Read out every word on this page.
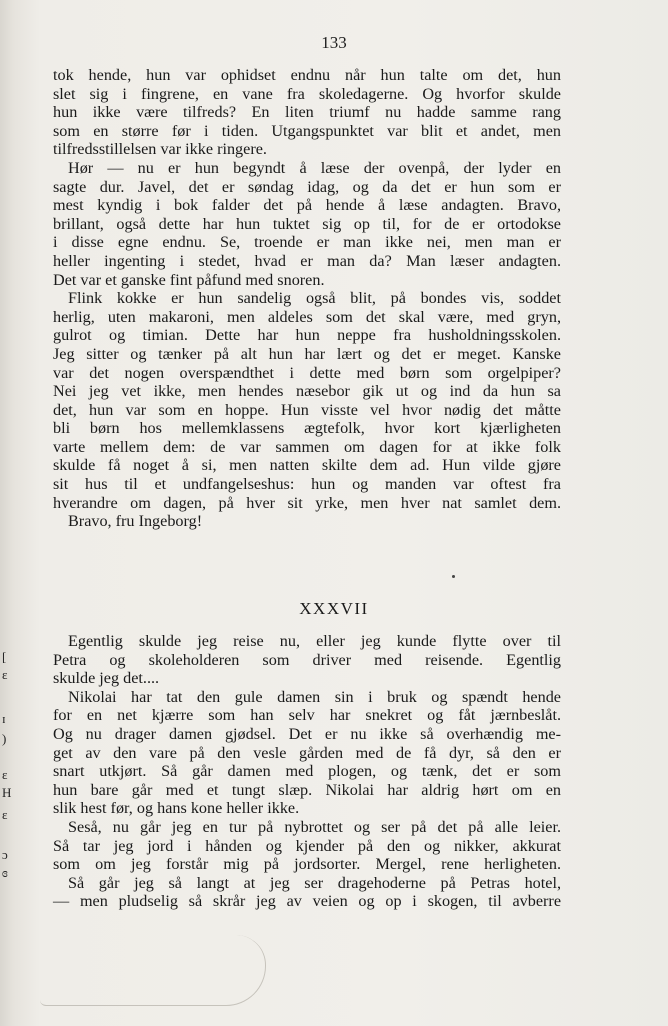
[
ɛ
ɪ
)
ɛ
H
ɛ
ɔ
ɞ

133

tok hende, hun var ophidset endnu når hun talte om det, hun
slet sig i fingrene, en vane fra skoledagerne. Og hvorfor skulde
hun ikke være tilfreds? En liten triumf nu hadde samme rang
som en større før i tiden. Utgangspunktet var blit et andet, men
tilfredsstillelsen var ikke ringere.
Hør — nu er hun begyndt å læse der ovenpå, der lyder en
sagte dur. Javel, det er søndag idag, og da det er hun som er
mest kyndig i bok falder det på hende å læse andagten. Bravo,
brillant, også dette har hun tuktet sig op til, for de er ortodokse
i disse egne endnu. Se, troende er man ikke nei, men man er
heller ingenting i stedet, hvad er man da? Man læser andagten.
Det var et ganske fint påfund med snoren.
Flink kokke er hun sandelig også blit, på bondes vis, soddet
herlig, uten makaroni, men aldeles som det skal være, med gryn,
gulrot og timian. Dette har hun neppe fra husholdningsskolen.
Jeg sitter og tænker på alt hun har lært og det er meget. Kanske
var det nogen overspændthet i dette med børn som orgelpiper?
Nei jeg vet ikke, men hendes næsebor gik ut og ind da hun sa
det, hun var som en hoppe. Hun visste vel hvor nødig det måtte
bli børn hos mellemklassens ægtefolk, hvor kort kjærligheten
varte mellem dem: de var sammen om dagen for at ikke folk
skulde få noget å si, men natten skilte dem ad. Hun vilde gjøre
sit hus til et undfangelseshus: hun og manden var oftest fra
hverandre om dagen, på hver sit yrke, men hver nat samlet dem.
Bravo, fru Ingeborg!
XXXVII
Egentlig skulde jeg reise nu, eller jeg kunde flytte over til
Petra og skoleholderen som driver med reisende. Egentlig
skulde jeg det....
Nikolai har tat den gule damen sin i bruk og spændt hende
for en net kjærre som han selv har snekret og fåt jærnbeslåt.
Og nu drager damen gjødsel. Det er nu ikke så overhændig me-
get av den vare på den vesle gården med de få dyr, så den er
snart utkjørt. Så går damen med plogen, og tænk, det er som
hun bare går med et tungt slæp. Nikolai har aldrig hørt om en
slik hest før, og hans kone heller ikke.
Seså, nu går jeg en tur på nybrottet og ser på det på alle leier.
Så tar jeg jord i hånden og kjender på den og nikker, akkurat
som om jeg forstår mig på jordsorter. Mergel, rene herligheten.
Så går jeg så langt at jeg ser dragehoderne på Petras hotel,
— men pludselig så skrår jeg av veien og op i skogen, til avberre
